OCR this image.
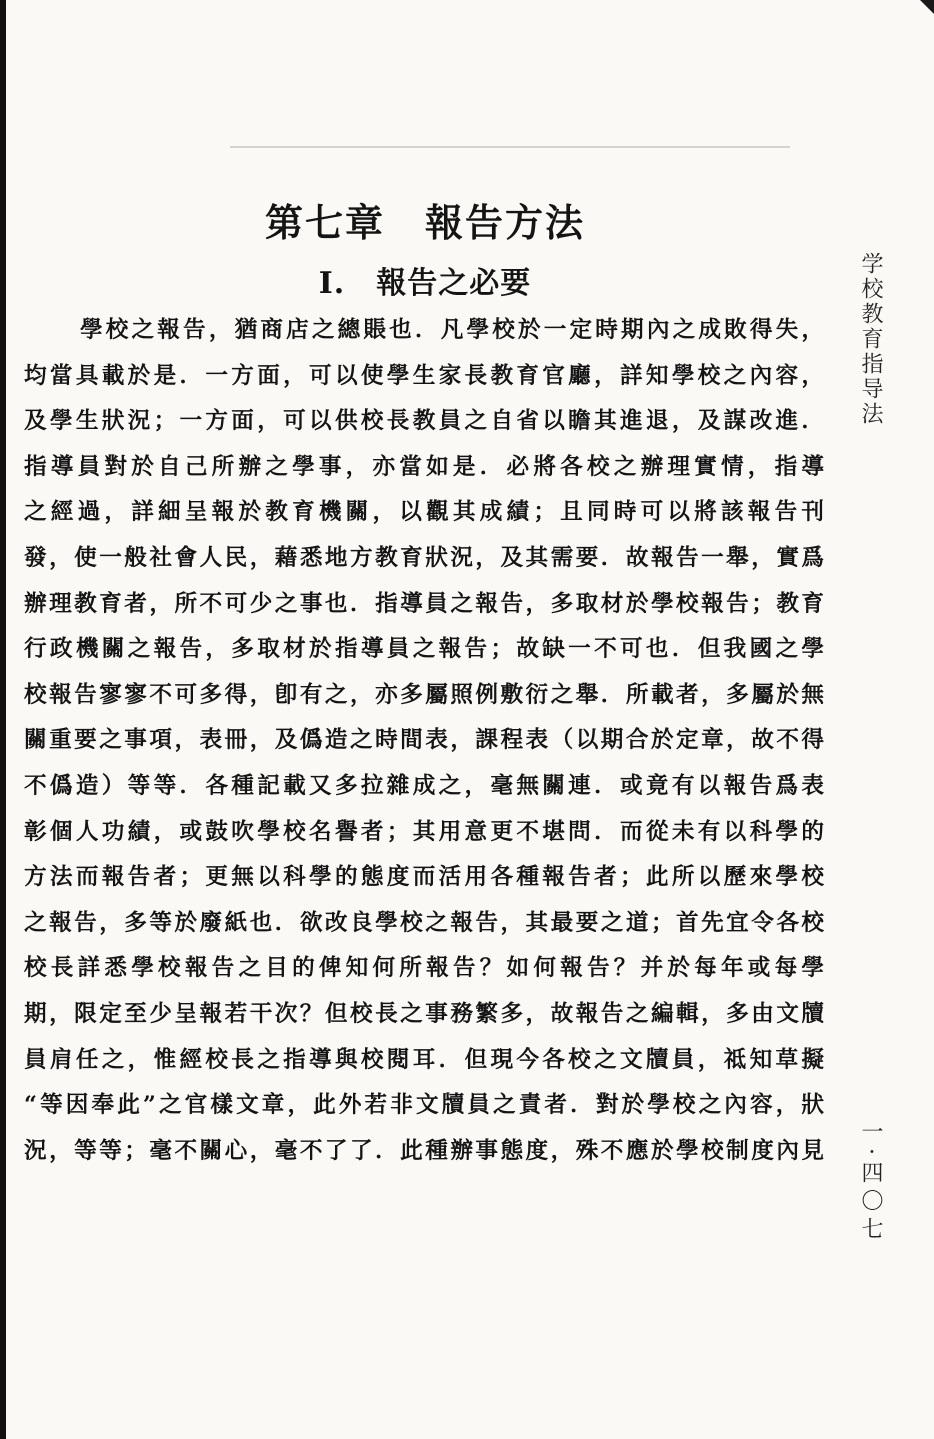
第七章　報告方法
I.　報告之必要
學校之報告，猶商店之總賬也．凡學校於一定時期內之成敗得失，
均當具載於是．一方面，可以使學生家長教育官廳，詳知學校之內容，
及學生狀況；一方面，可以供校長教員之自省以瞻其進退，及謀改進．
指導員對於自己所辦之學事，亦當如是．必將各校之辦理實情，指導
之經過，詳細呈報於教育機關，以觀其成績；且同時可以將該報告刊
發，使一般社會人民，藉悉地方教育狀況，及其需要．故報告一舉，實爲
辦理教育者，所不可少之事也．指導員之報告，多取材於學校報告；教育
行政機關之報告，多取材於指導員之報告；故缺一不可也．但我國之學
校報告寥寥不可多得，卽有之，亦多屬照例敷衍之舉．所載者，多屬於無
關重要之事項，表冊，及僞造之時間表，課程表（以期合於定章，故不得
不僞造）等等．各種記載又多拉雜成之，毫無關連．或竟有以報告爲表
彰個人功績，或鼓吹學校名譽者；其用意更不堪問．而從未有以科學的
方法而報告者；更無以科學的態度而活用各種報告者；此所以歷來學校
之報告，多等於廢紙也．欲改良學校之報告，其最要之道；首先宜令各校
校長詳悉學校報告之目的俾知何所報告？如何報告？并於每年或每學
期，限定至少呈報若干次？但校長之事務繁多，故報告之編輯，多由文牘
員肩任之，惟經校長之指導與校閱耳．但現今各校之文牘員，祗知草擬
“等因奉此”之官樣文章，此外若非文牘員之責者．對於學校之內容，狀
況，等等；毫不關心，毫不了了．此種辦事態度，殊不應於學校制度內見
学校教育指导法
一·四〇七
